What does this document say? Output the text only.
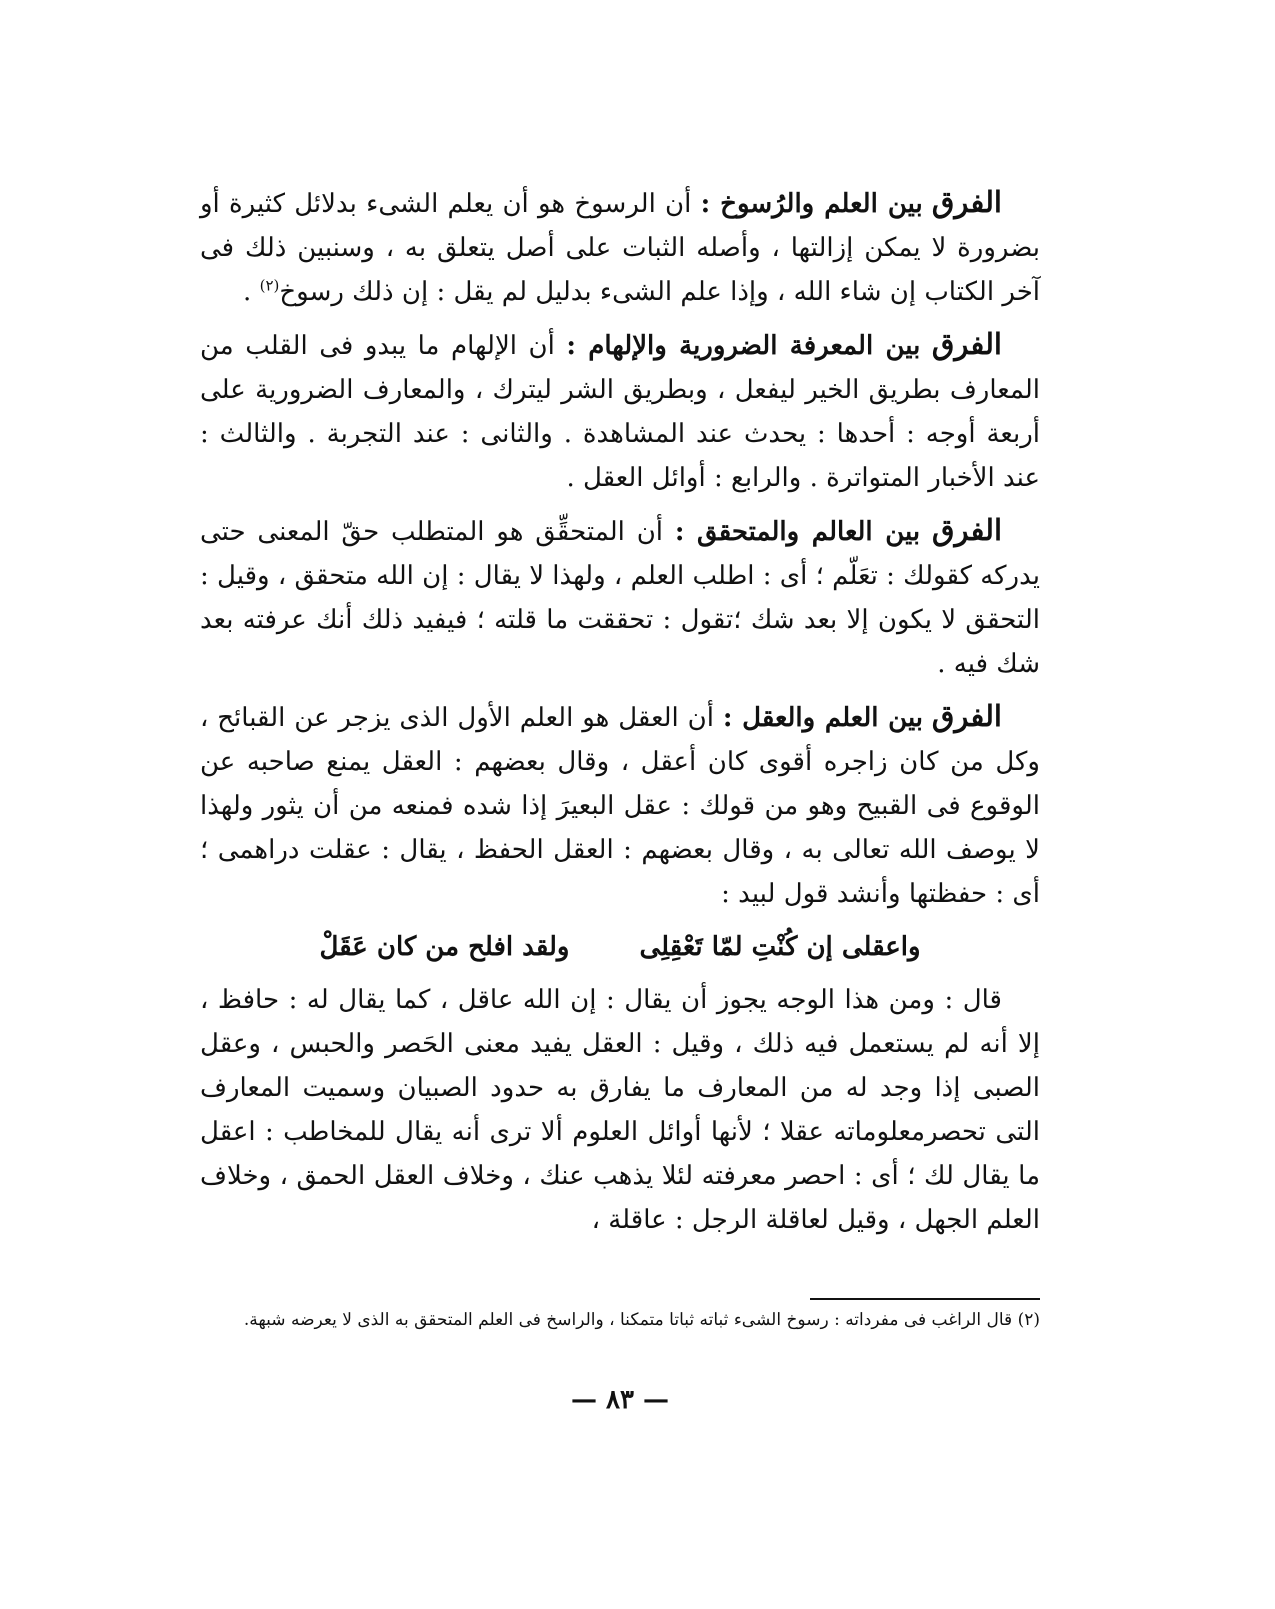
الفرق بين العلم والرُسوخ : أن الرسوخ هو أن يعلم الشىء بدلائل كثيرة أو بضرورة لا يمكن إزالتها ، وأصله الثبات على أصل يتعلق به ، وسنبين ذلك فى آخر الكتاب إن شاء الله ، وإذا علم الشىء بدليل لم يقل : إن ذلك رسوخ$^{(٢)}$ .

الفرق بين المعرفة الضرورية والإلهام : أن الإلهام ما يبدو فى القلب من المعارف بطريق الخير ليفعل ، وبطريق الشر ليترك ، والمعارف الضرورية على أربعة أوجه : أحدها : يحدث عند المشاهدة . والثانى : عند التجربة . والثالث : عند الأخبار المتواترة . والرابع : أوائل العقل .

الفرق بين العالم والمتحقق : أن المتحقِّق هو المتطلب حقّ المعنى حتى يدركه كقولك : تعَلّم ؛ أى : اطلب العلم ، ولهذا لا يقال : إن الله متحقق ، وقيل : التحقق لا يكون إلا بعد شك ؛تقول : تحققت ما قلته ؛ فيفيد ذلك أنك عرفته بعد شك فيه .

الفرق بين العلم والعقل : أن العقل هو العلم الأول الذى يزجر عن القبائح ، وكل من كان زاجره أقوى كان أعقل ، وقال بعضهم : العقل يمنع صاحبه عن الوقوع فى القبيح وهو من قولك : عقل البعيرَ إذا شده فمنعه من أن يثور ولهذا لا يوصف الله تعالى به ، وقال بعضهم : العقل الحفظ ، يقال : عقلت دراهمى ؛ أى : حفظتها وأنشد قول لبيد :

واعقلى إن كُنْتِ لمّا تَعْقِلِى
ولقد افلح من كان عَقَلْ

قال : ومن هذا الوجه يجوز أن يقال : إن الله عاقل ، كما يقال له : حافظ ، إلا أنه لم يستعمل فيه ذلك ، وقيل : العقل يفيد معنى الحَصر والحبس ، وعقل الصبى إذا وجد له من المعارف ما يفارق به حدود الصبيان وسميت المعارف التى تحصرمعلوماته عقلا ؛ لأنها أوائل العلوم ألا ترى أنه يقال للمخاطب : اعقل ما يقال لك ؛ أى : احصر معرفته لئلا يذهب عنك ، وخلاف العقل الحمق ، وخلاف العلم الجهل ، وقيل لعاقلة الرجل : عاقلة ،

(٢) قال الراغب فى مفرداته : رسوخ الشىء ثباته ثباتا متمكنا ، والراسخ فى العلم المتحقق به الذى لا يعرضه شبهة.

— ٨٣ —
